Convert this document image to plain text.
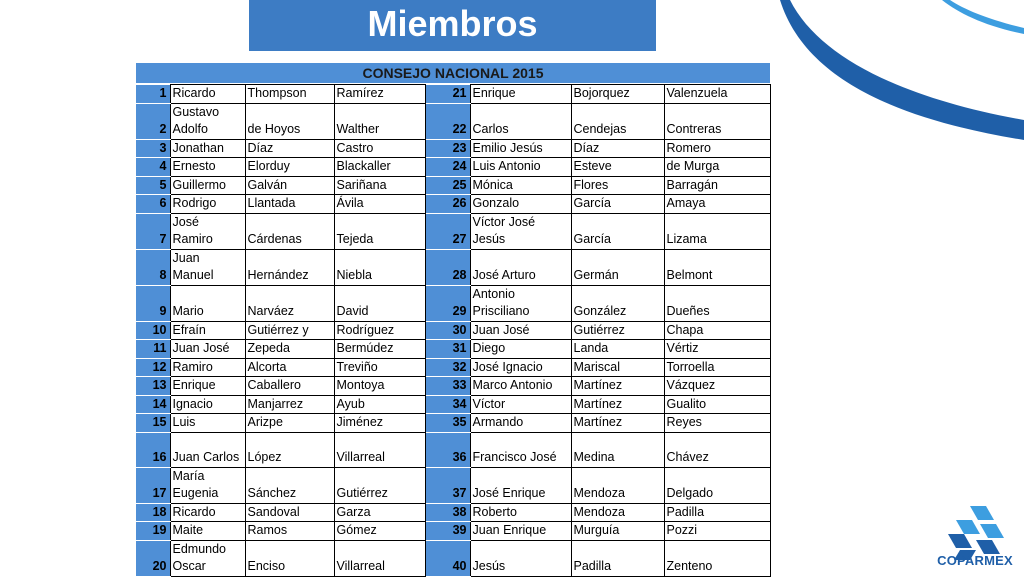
Miembros
CONSEJO NACIONAL 2015
1	Ricardo	Thompson	Ramírez	21	Enrique	Bojorquez	Valenzuela
2	Gustavo Adolfo	de Hoyos	Walther	22	Carlos	Cendejas	Contreras
3	Jonathan	Díaz	Castro	23	Emilio Jesús	Díaz	Romero
4	Ernesto	Elorduy	Blackaller	24	Luis Antonio	Esteve	de Murga
5	Guillermo	Galván	Sariñana	25	Mónica	Flores	Barragán
6	Rodrigo	Llantada	Ávila	26	Gonzalo	García	Amaya
7	José Ramiro	Cárdenas	Tejeda	27	Víctor José Jesús	García	Lizama
8	Juan Manuel	Hernández	Niebla	28	José Arturo	Germán	Belmont
9	Mario	Narváez	David	29	Antonio Prisciliano	González	Dueñes
10	Efraín	Gutiérrez y	Rodríguez	30	Juan José	Gutiérrez	Chapa
11	Juan José	Zepeda	Bermúdez	31	Diego	Landa	Vértiz
12	Ramiro	Alcorta	Treviño	32	José Ignacio	Mariscal	Torroella
13	Enrique	Caballero	Montoya	33	Marco Antonio	Martínez	Vázquez
14	Ignacio	Manjarrez	Ayub	34	Víctor	Martínez	Gualito
15	Luis	Arizpe	Jiménez	35	Armando	Martínez	Reyes
16	Juan Carlos	López	Villarreal	36	Francisco José	Medina	Chávez
17	María Eugenia	Sánchez	Gutiérrez	37	José Enrique	Mendoza	Delgado
18	Ricardo	Sandoval	Garza	38	Roberto	Mendoza	Padilla
19	Maite	Ramos	Gómez	39	Juan Enrique	Murguía	Pozzi
20	Edmundo Oscar	Enciso	Villarreal	40	Jesús	Padilla	Zenteno	COPARMEX
